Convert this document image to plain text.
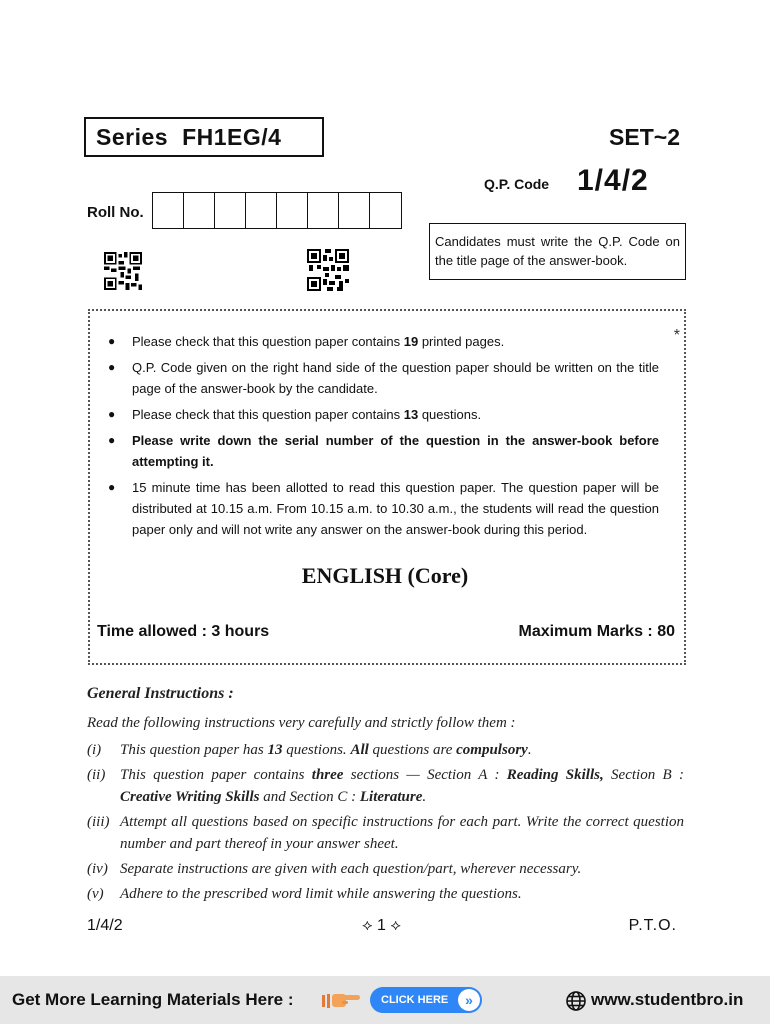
Series FH1EG/4	SET~2
Q.P. Code 1/4/2
Roll No.
Candidates must write the Q.P. Code on the title page of the answer-book.
*
●	Please check that this question paper contains 19 printed pages.
●	Q.P. Code given on the right hand side of the question paper should be written on the title page of the answer-book by the candidate.
●	Please check that this question paper contains 13 questions.
●	Please write down the serial number of the question in the answer-book before attempting it.
●	15 minute time has been allotted to read this question paper. The question paper will be distributed at 10.15 a.m. From 10.15 a.m. to 10.30 a.m., the students will read the question paper only and will not write any answer on the answer-book during this period.
ENGLISH (Core)
Time allowed : 3 hours	Maximum Marks : 80
General Instructions :
Read the following instructions very carefully and strictly follow them :
(i)	This question paper has 13 questions. All questions are compulsory.
(ii) This question paper contains three sections — Section A : Reading Skills, Section B : Creative Writing Skills and Section C : Literature.
(iii) Attempt all questions based on specific instructions for each part. Write the correct question number and part thereof in your answer sheet.
(iv) Separate instructions are given with each question/part, wherever necessary.
(v)	Adhere to the prescribed word limit while answering the questions.
1/4/2	⟡ 1 ⟡	P.T.O.
Get More Learning Materials Here :	CLICK HERE	»	www.studentbro.in
